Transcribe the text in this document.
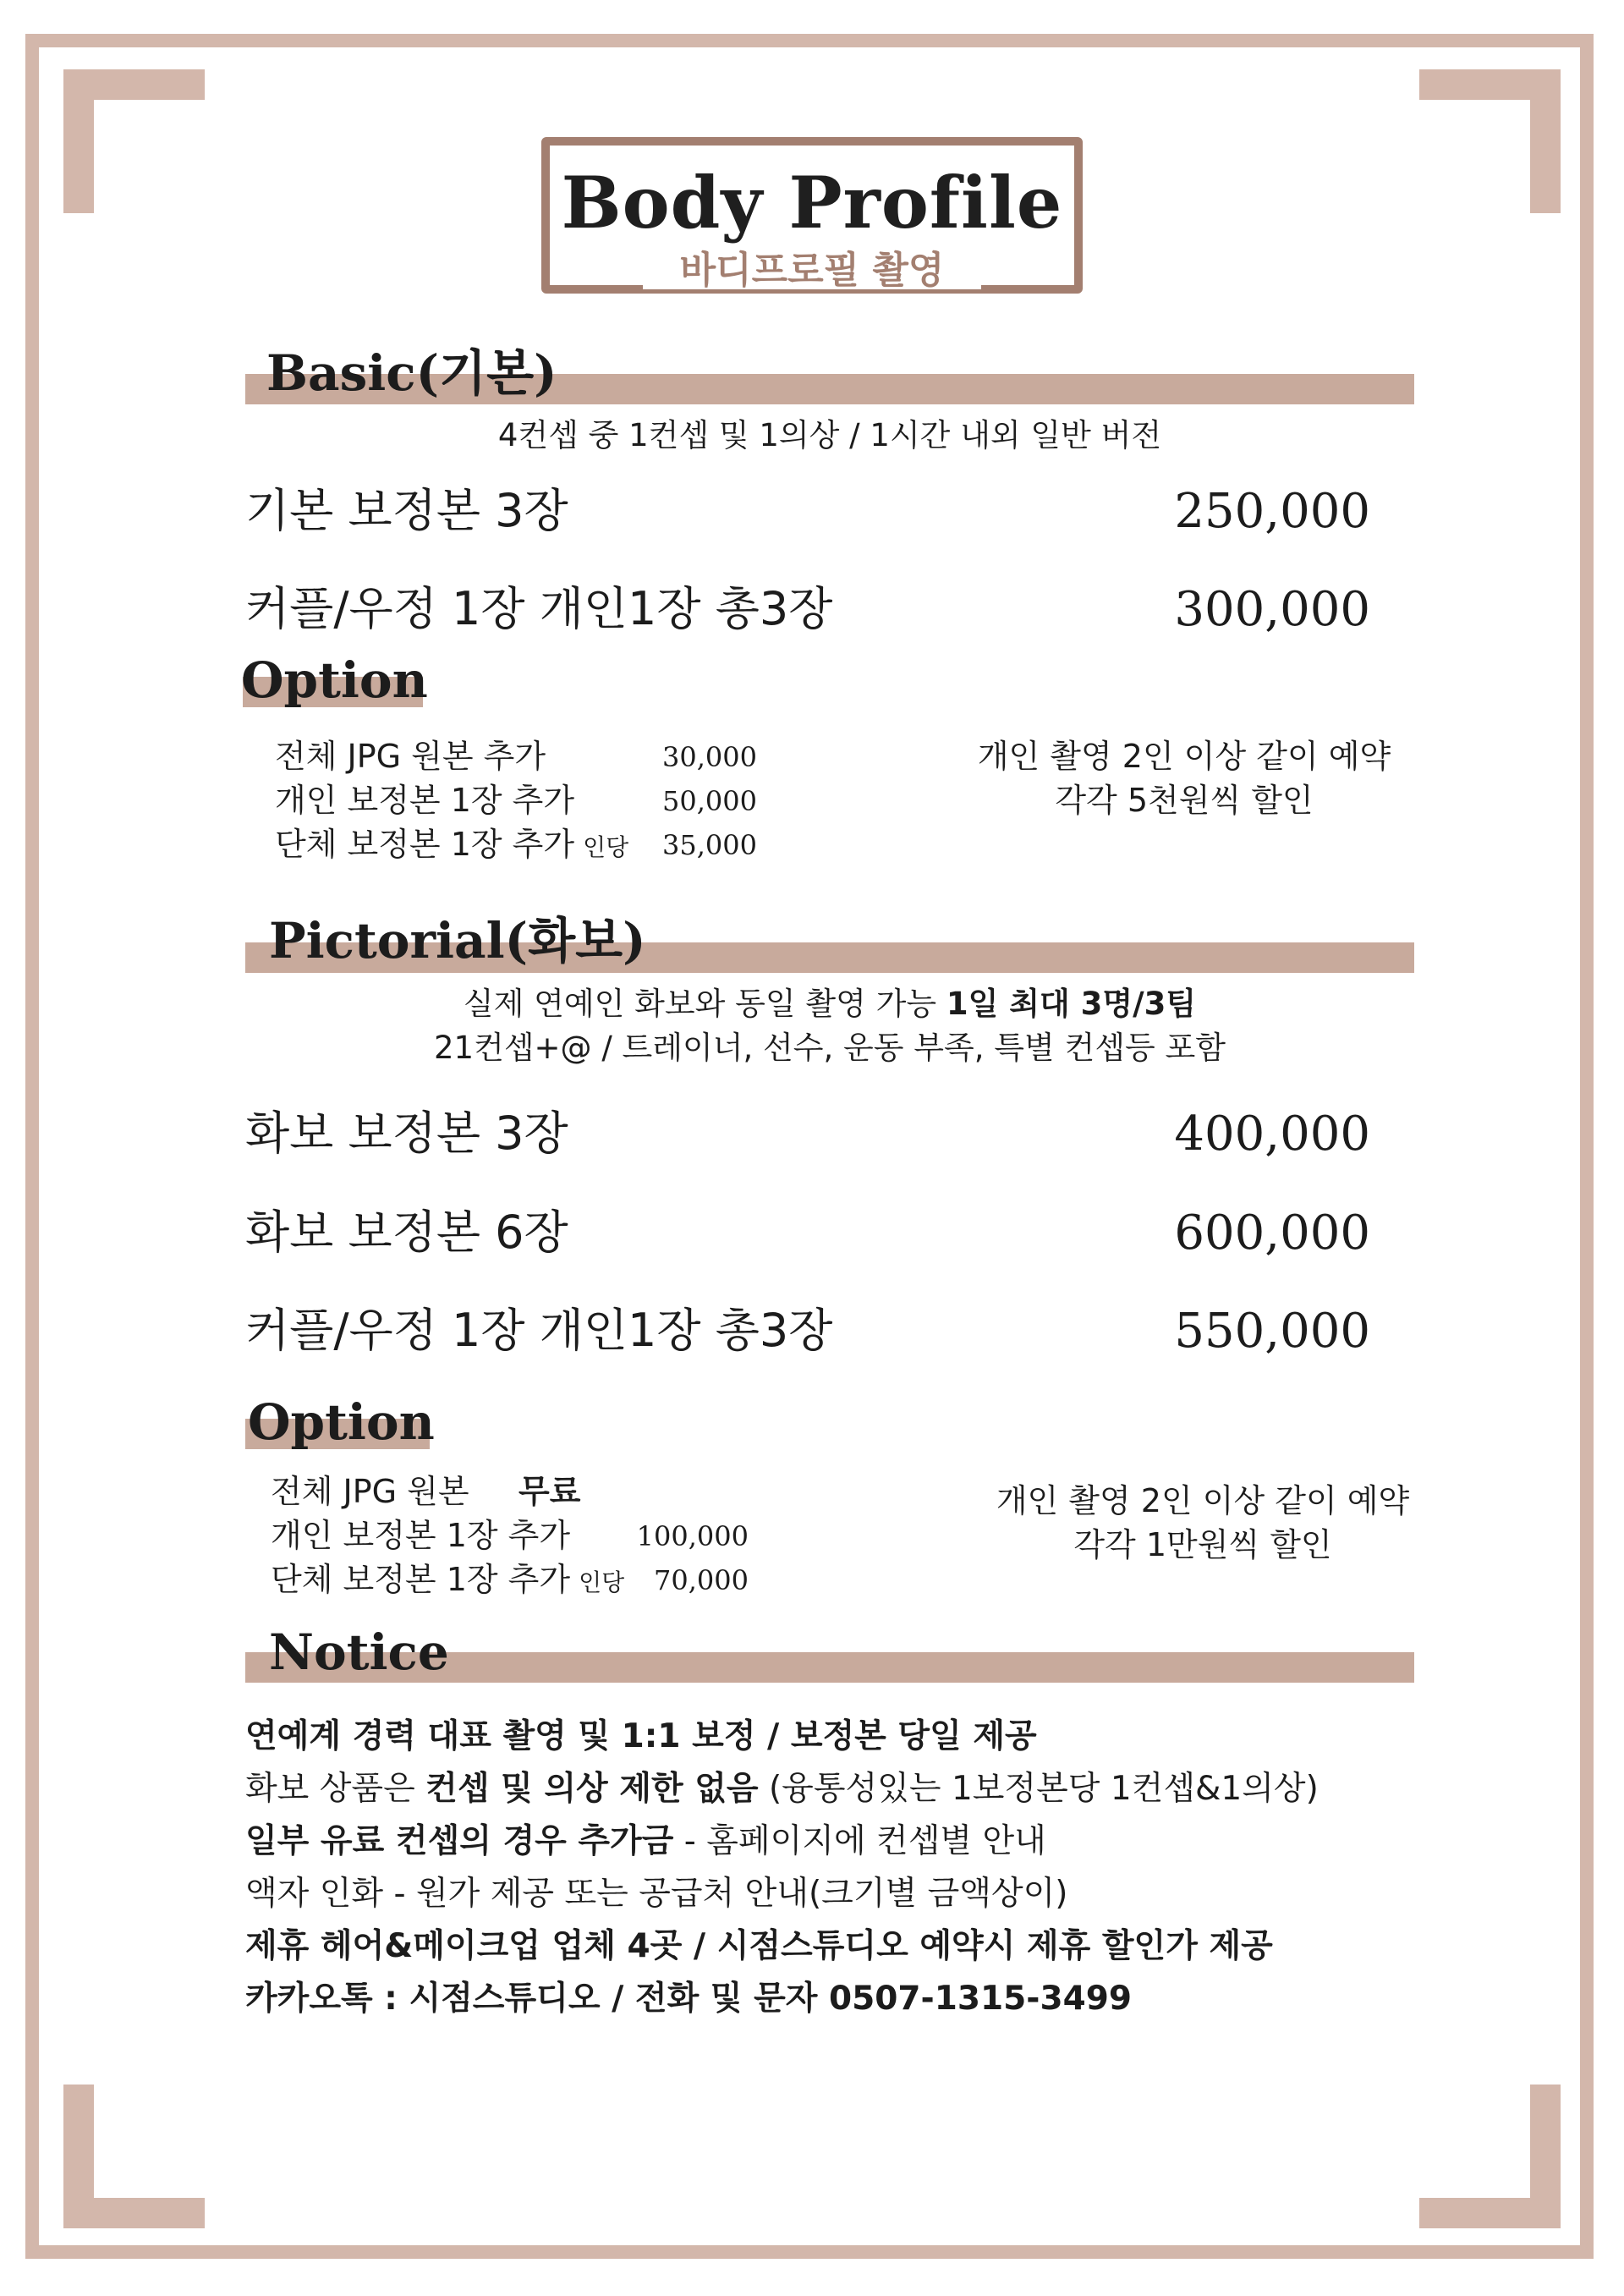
Body Profile
바디프로필 촬영
Basic(기본)
4컨셉 중 1컨셉 및 1의상 / 1시간 내외 일반 버전
기본 보정본 3장	250,000
커플/우정 1장 개인1장 총3장	300,000
Option
전체 JPG 원본 추가	30,000
개인 보정본 1장 추가	50,000
단체 보정본 1장 추가 인당 35,000
개인 촬영 2인 이상 같이 예약
각각 5천원씩 할인
Pictorial(화보)
실제 연예인 화보와 동일 촬영 가능 1일 최대 3명/3팀
21컨셉+@ / 트레이너, 선수, 운동 부족, 특별 컨셉등 포함
화보 보정본 3장	400,000
화보 보정본 6장	600,000
커플/우정 1장 개인1장 총3장	550,000
Option
전체 JPG 원본 무료
개인 보정본 1장 추가 100,000
단체 보정본 1장 추가 인당 70,000
개인 촬영 2인 이상 같이 예약
각각 1만원씩 할인
Notice
연예계 경력 대표 촬영 및 1:1 보정 / 보정본 당일 제공
화보 상품은 컨셉 및 의상 제한 없음 (융통성있는 1보정본당 1컨셉&1의상)
일부 유료 컨셉의 경우 추가금 - 홈페이지에 컨셉별 안내
액자 인화 - 원가 제공 또는 공급처 안내(크기별 금액상이)
제휴 헤어&메이크업 업체 4곳 / 시점스튜디오 예약시 제휴 할인가 제공
카카오톡 : 시점스튜디오 / 전화 및 문자 0507-1315-3499
